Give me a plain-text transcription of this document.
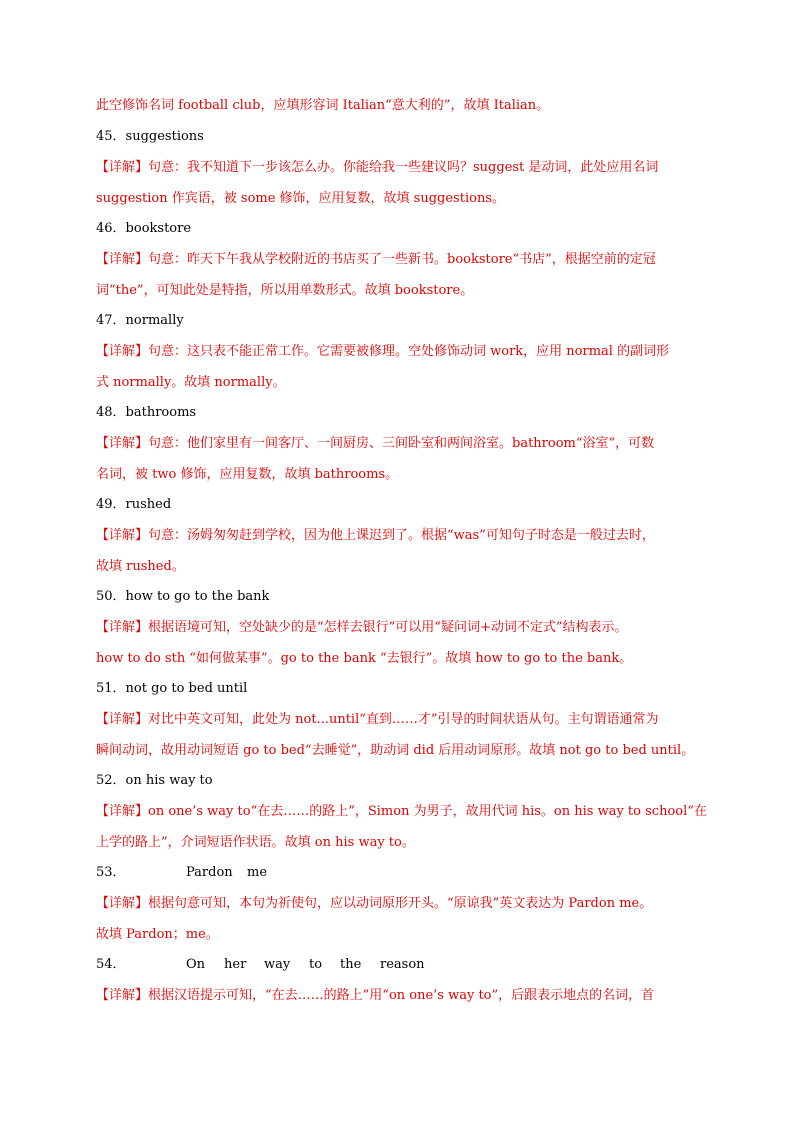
此空修饰名词 football club，应填形容词 Italian“意大利的”，故填 Italian。
45．suggestions
【详解】句意：我不知道下一步该怎么办。你能给我一些建议吗？suggest 是动词，此处应用名词
suggestion 作宾语，被 some 修饰，应用复数，故填 suggestions。
46．bookstore
【详解】句意：昨天下午我从学校附近的书店买了一些新书。bookstore“书店”，根据空前的定冠
词“the”，可知此处是特指，所以用单数形式。故填 bookstore。
47．normally
【详解】句意：这只表不能正常工作。它需要被修理。空处修饰动词 work，应用 normal 的副词形
式 normally。故填 normally。
48．bathrooms
【详解】句意：他们家里有一间客厅、一间厨房、三间卧室和两间浴室。bathroom“浴室”，可数
名词，被 two 修饰，应用复数，故填 bathrooms。
49．rushed
【详解】句意：汤姆匆匆赶到学校，因为他上课迟到了。根据“was”可知句子时态是一般过去时，
故填 rushed。
50．how to go to the bank
【详解】根据语境可知，空处缺少的是“怎样去银行”可以用“疑问词+动词不定式”结构表示。
how to do sth “如何做某事”。go to the bank “去银行”。故填 how to go to the bank。
51．not go to bed until
【详解】对比中英文可知，此处为 not...until“直到……才”引导的时间状语从句。主句谓语通常为
瞬间动词，故用动词短语 go to bed“去睡觉”，助动词 did 后用动词原形。故填 not go to bed until。
52．on his way to
【详解】on one’s way to“在去……的路上”，Simon 为男子，故用代词 his。on his way to school“在
上学的路上”，介词短语作状语。故填 on his way to。
53．	Pardon me
【详解】根据句意可知，本句为祈使句，应以动词原形开头。“原谅我”英文表达为 Pardon me。
故填 Pardon；me。
54．	On her way to the reason
【详解】根据汉语提示可知，“在去……的路上”用“on one’s way to”，后跟表示地点的名词，首
